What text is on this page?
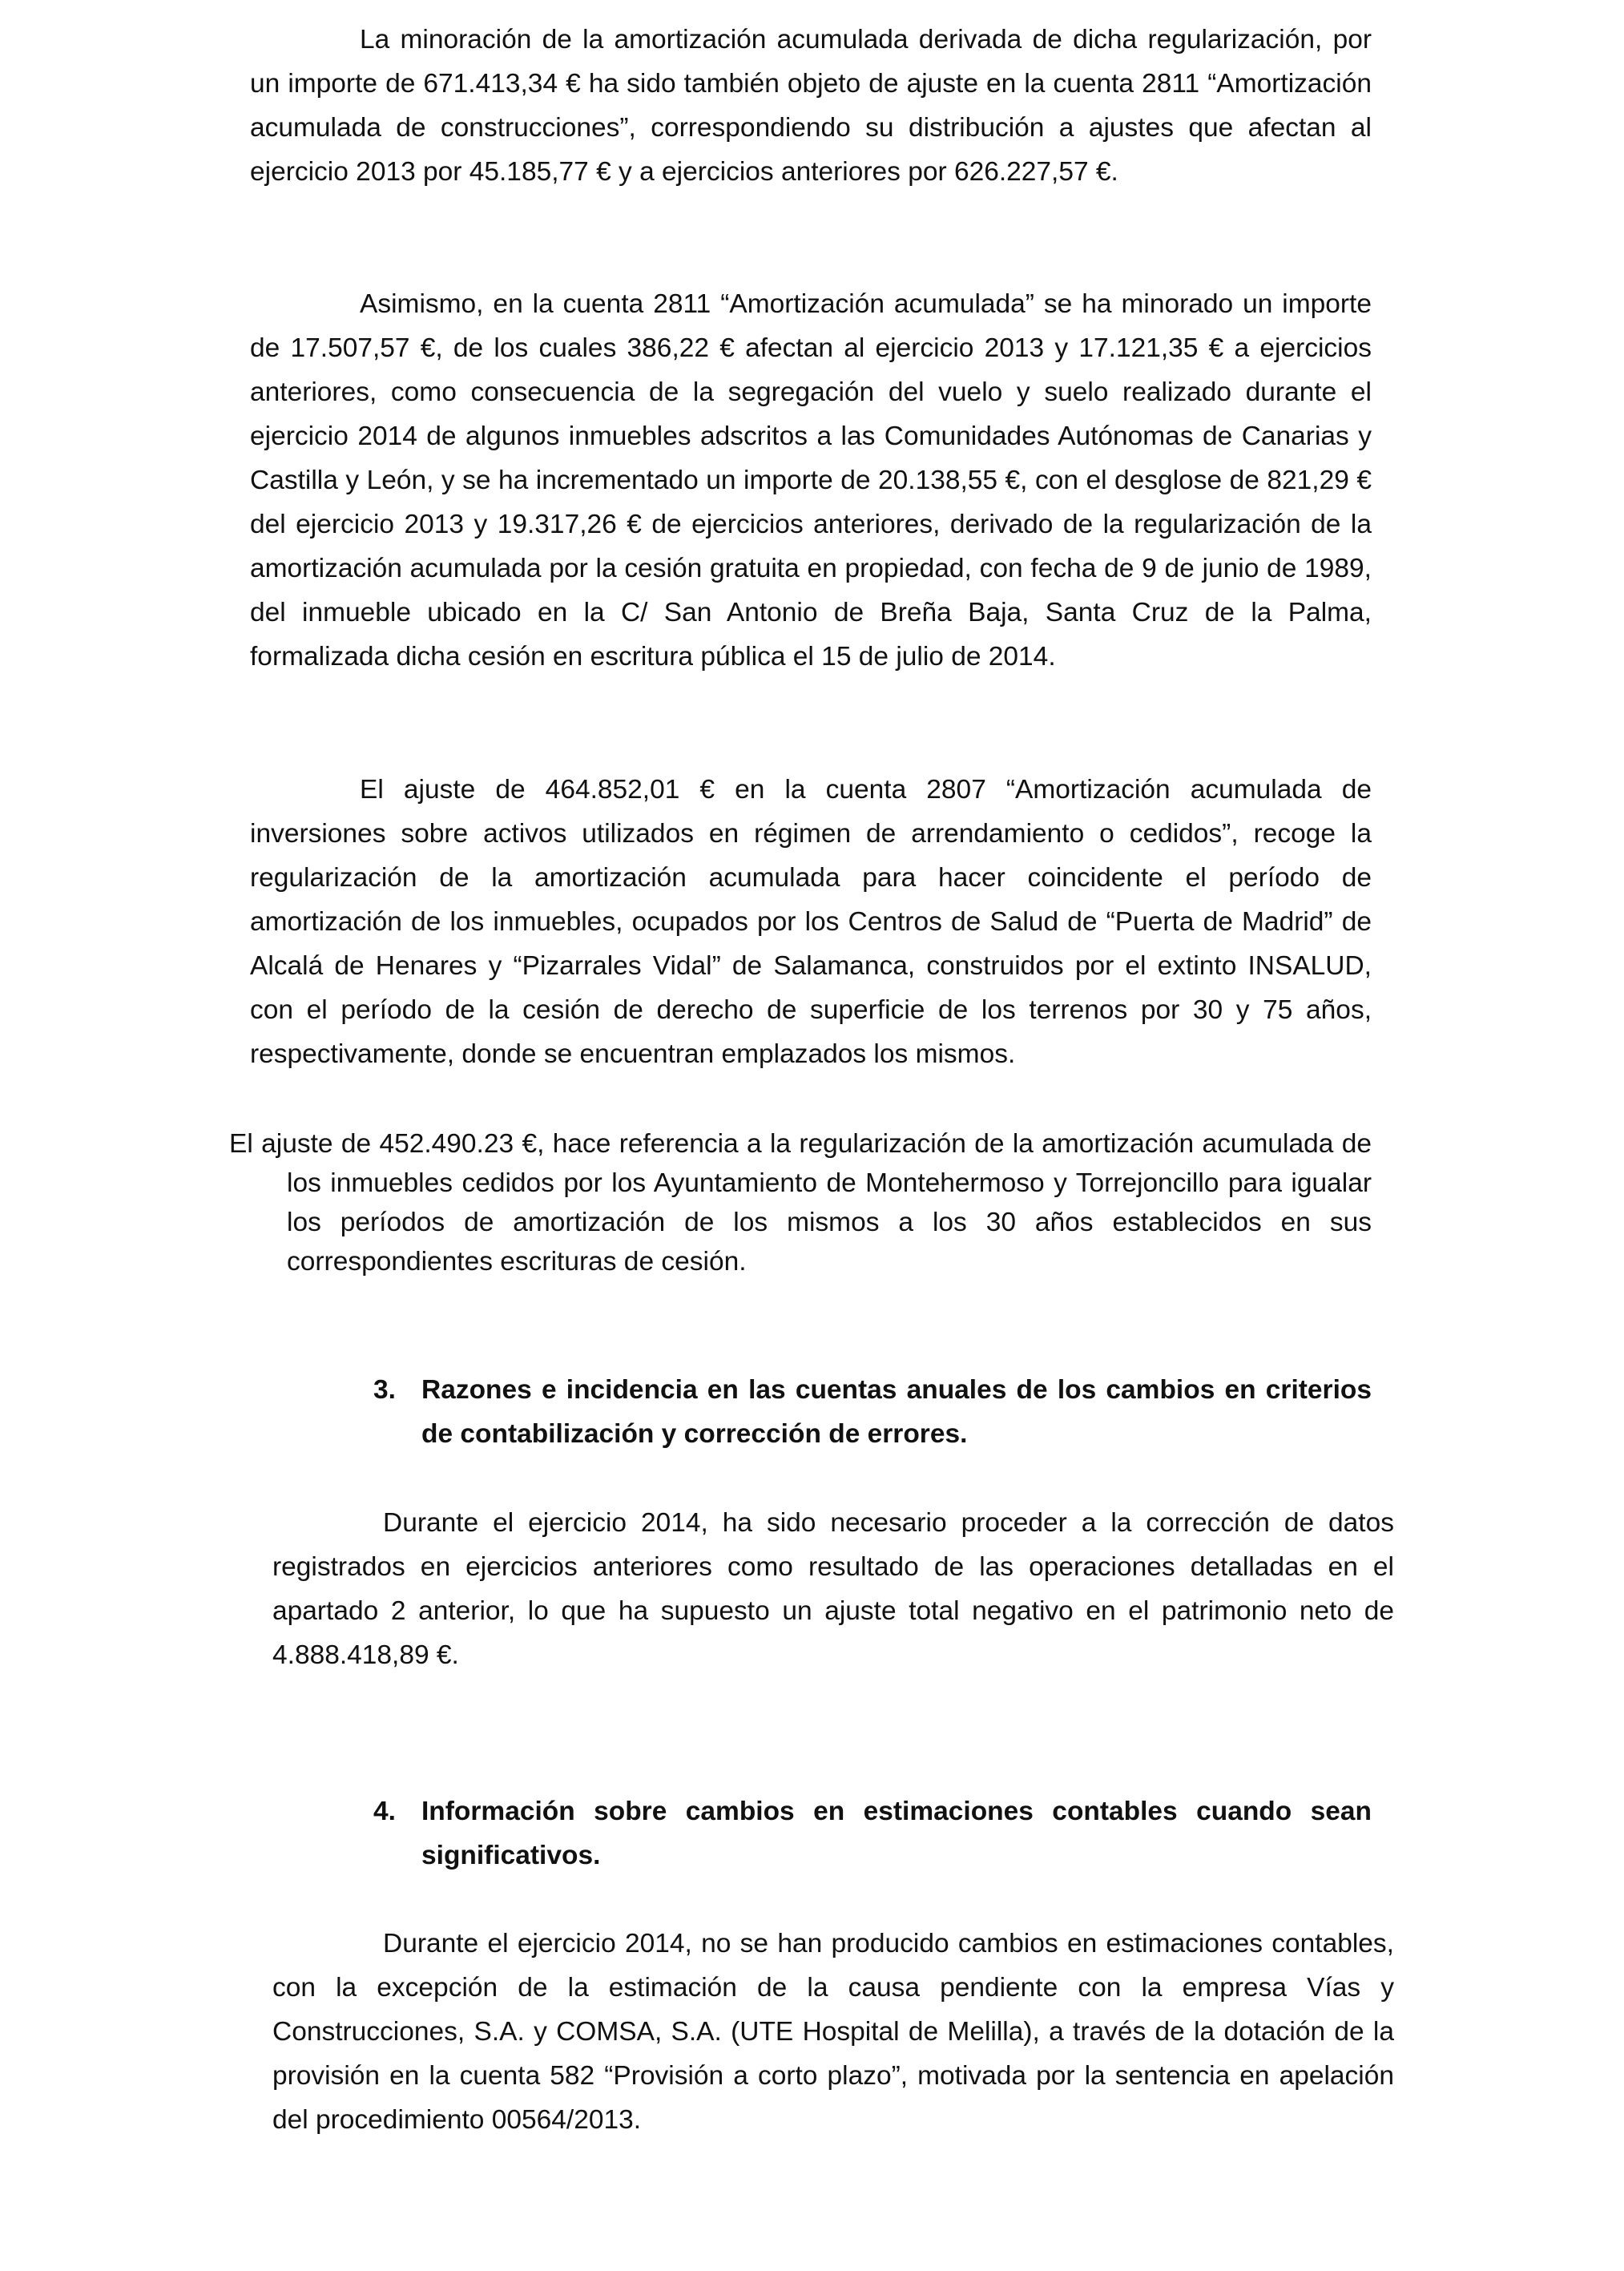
La minoración de la amortización acumulada derivada de dicha regularización, por un importe de 671.413,34 € ha sido también objeto de ajuste en la cuenta 2811 “Amortización acumulada de construcciones”, correspondiendo su distribución a ajustes que afectan al ejercicio 2013 por 45.185,77 € y a ejercicios anteriores por 626.227,57 €.

Asimismo, en la cuenta 2811 “Amortización acumulada” se ha minorado un importe de 17.507,57 €, de los cuales 386,22 € afectan al ejercicio 2013 y 17.121,35 € a ejercicios anteriores, como consecuencia de la segregación del vuelo y suelo realizado durante el ejercicio 2014 de algunos inmuebles adscritos a las Comunidades Autónomas de Canarias y Castilla y León, y se ha incrementado un importe de 20.138,55 €, con el desglose de 821,29 € del ejercicio 2013 y 19.317,26 € de ejercicios anteriores, derivado de la regularización de la amortización acumulada por la cesión gratuita en propiedad, con fecha de 9 de junio de 1989, del inmueble ubicado en la C/ San Antonio de Breña Baja, Santa Cruz de la Palma, formalizada dicha cesión en escritura pública el 15 de julio de 2014.

El ajuste de 464.852,01 € en la cuenta 2807 “Amortización acumulada de inversiones sobre activos utilizados en régimen de arrendamiento o cedidos”, recoge la regularización de la amortización acumulada para hacer coincidente el período de amortización de los inmuebles, ocupados por los Centros de Salud de “Puerta de Madrid” de Alcalá de Henares y “Pizarrales Vidal” de Salamanca, construidos por el extinto INSALUD, con el período de la cesión de derecho de superficie de los terrenos por 30 y 75 años, respectivamente, donde se encuentran emplazados los mismos.

El ajuste de 452.490.23 €, hace referencia a la regularización de la amortización acumulada de los inmuebles cedidos por los Ayuntamiento de Montehermoso y Torrejoncillo para igualar los períodos de amortización de los mismos a los 30 años establecidos en sus correspondientes escrituras de cesión.

3. Razones e incidencia en las cuentas anuales de los cambios en criterios de contabilización y corrección de errores.

Durante el ejercicio 2014, ha sido necesario proceder a la corrección de datos registrados en ejercicios anteriores como resultado de las operaciones detalladas en el apartado 2 anterior, lo que ha supuesto un ajuste total negativo en el patrimonio neto de 4.888.418,89 €.

4. Información sobre cambios en estimaciones contables cuando sean significativos.

Durante el ejercicio 2014, no se han producido cambios en estimaciones contables, con la excepción de la estimación de la causa pendiente con la empresa Vías y Construcciones, S.A. y COMSA, S.A. (UTE Hospital de Melilla), a través de la dotación de la provisión en la cuenta 582 “Provisión a corto plazo”, motivada por la sentencia en apelación del procedimiento 00564/2013.
